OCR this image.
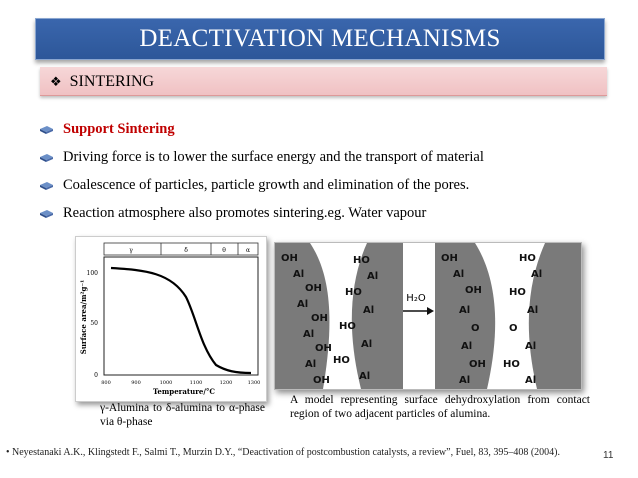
DEACTIVATION MECHANISMS
❖ SINTERING
Support Sintering
Driving force is to lower the surface energy and the transport of material
Coalescence of particles, particle growth and elimination of the pores.
Reaction atmosphere also promotes sintering.eg. Water vapour
γ	δ	θ	α
100
50
0
800	900	1000	1100	1200	1300
Temperature/°C
Surface area/m²g⁻¹
OH
Al
OH
Al
OH
Al
OH
Al
OH
HO
Al
HO
Al
HO
Al
HO
Al
OH
Al
OH
Al
O
Al
OH
Al
HO
Al
HO
Al
O
Al
HO
Al
H₂O
γ-Alumina to δ-alumina to α-phase via θ-phase
A model representing surface dehydroxylation from contact region of two adjacent particles of alumina.
• Neyestanaki A.K., Klingstedt F., Salmi T., Murzin D.Y., “Deactivation of postcombustion catalysts, a review”, Fuel, 83, 395–408 (2004).	11
